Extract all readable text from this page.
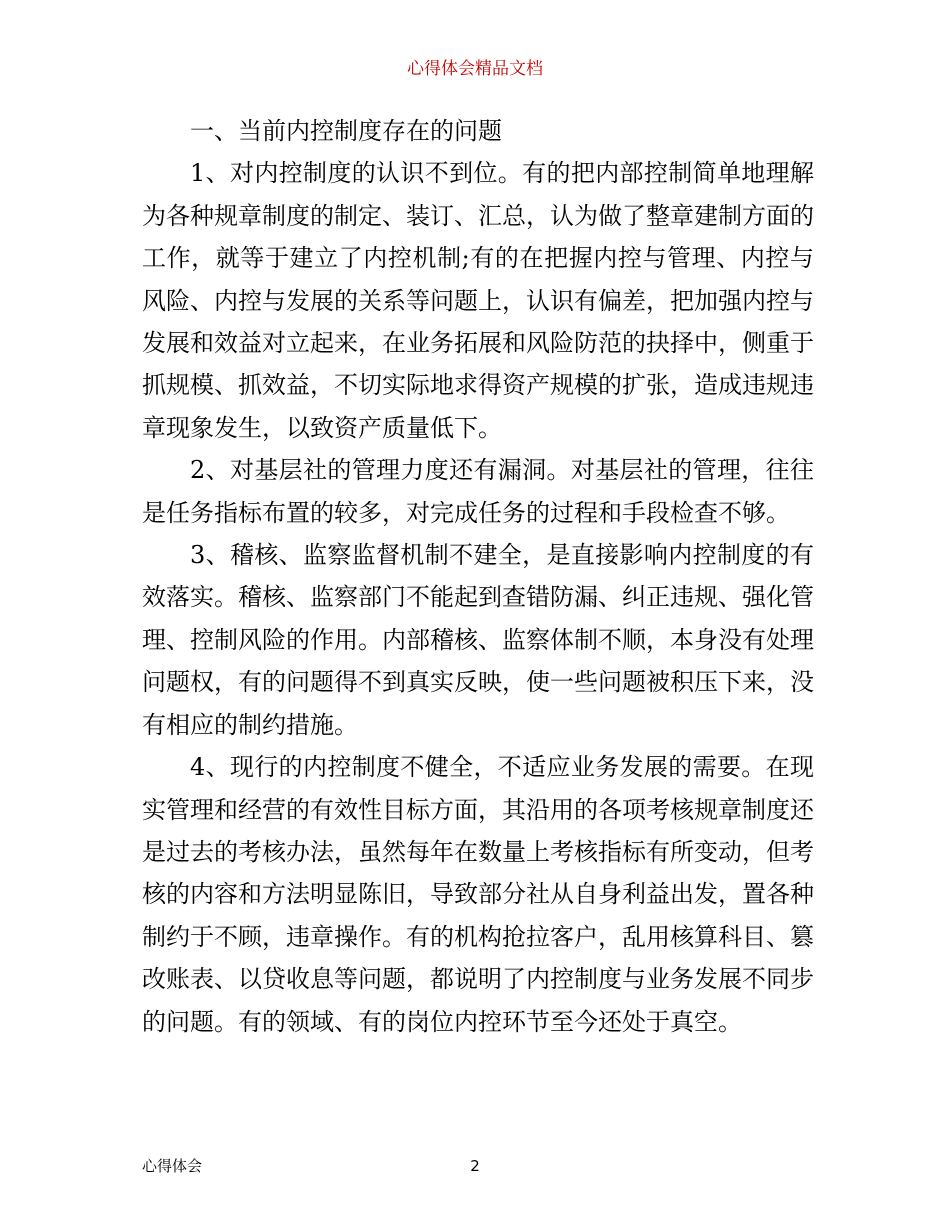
心得体会精品文档

一、当前内控制度存在的问题

1、对内控制度的认识不到位。有的把内部控制简单地理解为各种规章制度的制定、装订、汇总，认为做了整章建制方面的工作，就等于建立了内控机制;有的在把握内控与管理、内控与风险、内控与发展的关系等问题上，认识有偏差，把加强内控与发展和效益对立起来，在业务拓展和风险防范的抉择中，侧重于抓规模、抓效益，不切实际地求得资产规模的扩张，造成违规违章现象发生，以致资产质量低下。

2、对基层社的管理力度还有漏洞。对基层社的管理，往往是任务指标布置的较多，对完成任务的过程和手段检查不够。

3、稽核、监察监督机制不建全，是直接影响内控制度的有效落实。稽核、监察部门不能起到查错防漏、纠正违规、强化管理、控制风险的作用。内部稽核、监察体制不顺，本身没有处理问题权，有的问题得不到真实反映，使一些问题被积压下来，没有相应的制约措施。

4、现行的内控制度不健全，不适应业务发展的需要。在现实管理和经营的有效性目标方面，其沿用的各项考核规章制度还是过去的考核办法，虽然每年在数量上考核指标有所变动，但考核的内容和方法明显陈旧，导致部分社从自身利益出发，置各种制约于不顾，违章操作。有的机构抢拉客户，乱用核算科目、篡改账表、以贷收息等问题，都说明了内控制度与业务发展不同步的问题。有的领域、有的岗位内控环节至今还处于真空。

心得体会	2
